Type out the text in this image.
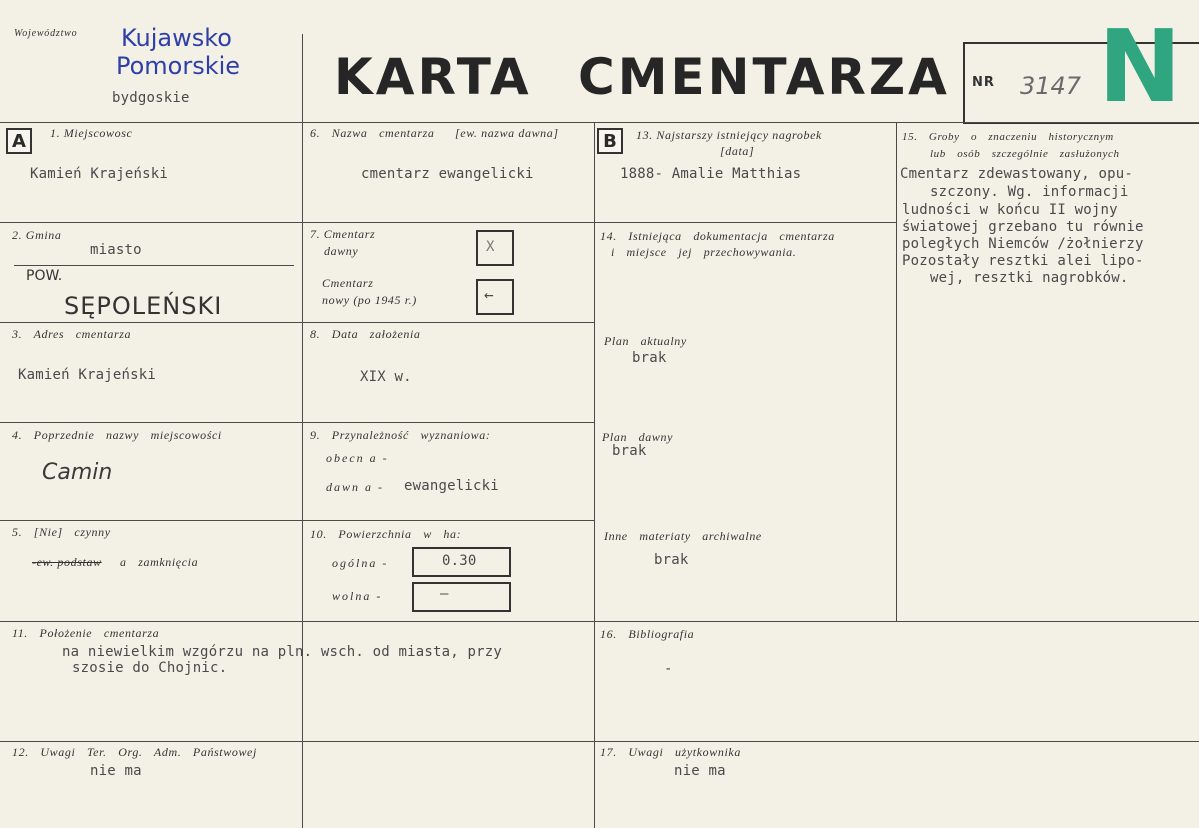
Województwo Kujawsko
Pomorskie
bydgoskie	KARTA CMENTARZA NR 3147 N
A	B
1. Miejscowosc
Kamień Krajeński
2. Gmina
miasto
POW.
SĘPOLEŃSKI
3. Adres cmentarza
Kamień Krajeński
4. Poprzednie nazwy miejscowości
Camin
5. [Nie] czynny
-ew. podstaw a zamknięcia
6. Nazwa cmentarza [ew. nazwa dawna]
cmentarz ewangelicki
7. Cmentarz
dawny	X
Cmentarz
nowy (po 1945 r.)	←
8. Data założenia
XIX w.
9. Przynależność wyznaniowa:
obecn a -
dawn a - ewangelicki
10. Powierzchnia w ha:
ogólna -	0.30
wolna -	—
11. Położenie cmentarza
na niewielkim wzgórzu na pln. wsch. od miasta, przy
szosie do Chojnic.
12. Uwagi Ter. Org. Adm. Państwowej
nie ma
13. Najstarszy istniejący nagrobek
[data]
1888- Amalie Matthias
14. Istniejąca dokumentacja cmentarza
i miejsce jej przechowywania.
Plan aktualny
brak
Plan dawny
brak
Inne materiaty archiwalne
brak
15. Groby o znaczeniu historycznym
lub osób szczególnie zasłużonych
Cmentarz zdewastowany, opu-
szczony. Wg. informacji
ludności w końcu II wojny
światowej grzebano tu równie
poległych Niemców /żołnierzy
Pozostały resztki alei lipo-
wej, resztki nagrobków.
16. Bibliografia
-
17. Uwagi użytkownika
nie ma
